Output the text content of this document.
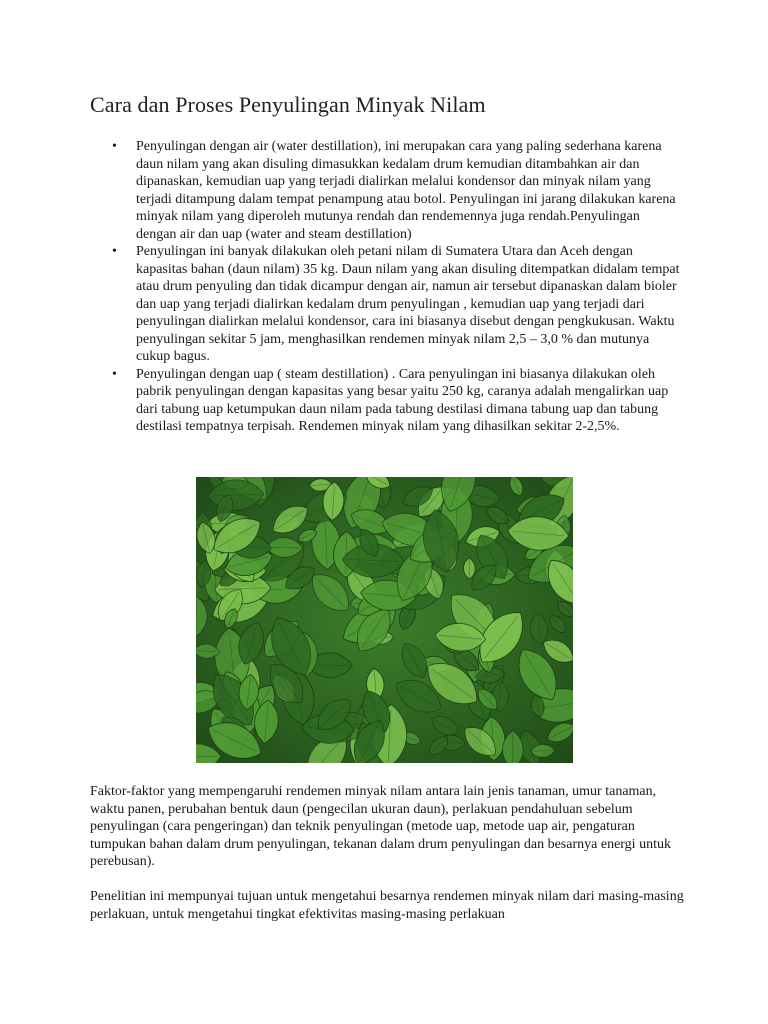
Cara dan Proses Penyulingan Minyak Nilam
• Penyulingan dengan air (water destillation), ini merupakan cara yang paling sederhana karena daun nilam yang akan disuling dimasukkan kedalam drum kemudian ditambahkan air dan dipanaskan, kemudian uap yang terjadi dialirkan melalui kondensor dan minyak nilam yang terjadi ditampung dalam tempat penampung atau botol. Penyulingan ini jarang dilakukan karena minyak nilam yang diperoleh mutunya rendah dan rendemennya juga rendah.Penyulingan dengan air dan uap (water and steam destillation)
• Penyulingan ini banyak dilakukan oleh petani nilam di Sumatera Utara dan Aceh dengan kapasitas bahan (daun nilam) 35 kg. Daun nilam yang akan disuling ditempatkan didalam tempat atau drum penyuling dan tidak dicampur dengan air, namun air tersebut dipanaskan dalam bioler dan uap yang terjadi dialirkan kedalam drum penyulingan , kemudian uap yang terjadi dari penyulingan dialirkan melalui kondensor, cara ini biasanya disebut dengan pengkukusan. Waktu penyulingan sekitar 5 jam, menghasilkan rendemen minyak nilam 2,5 – 3,0 % dan mutunya cukup bagus.
• Penyulingan dengan uap ( steam destillation) . Cara penyulingan ini biasanya dilakukan oleh pabrik penyulingan dengan kapasitas yang besar yaitu 250 kg, caranya adalah mengalirkan uap dari tabung uap ketumpukan daun nilam pada tabung destilasi dimana tabung uap dan tabung destilasi tempatnya terpisah. Rendemen minyak nilam yang dihasilkan sekitar 2-2,5%.

Faktor-faktor yang mempengaruhi rendemen minyak nilam antara lain jenis tanaman, umur tanaman, waktu panen, perubahan bentuk daun (pengecilan ukuran daun), perlakuan pendahuluan sebelum penyulingan (cara pengeringan) dan teknik penyulingan (metode uap, metode uap air, pengaturan tumpukan bahan dalam drum penyulingan, tekanan dalam drum penyulingan dan besarnya energi untuk perebusan).

Penelitian ini mempunyai tujuan untuk mengetahui besarnya rendemen minyak nilam dari masing-masing perlakuan, untuk mengetahui tingkat efektivitas masing-masing perlakuan
